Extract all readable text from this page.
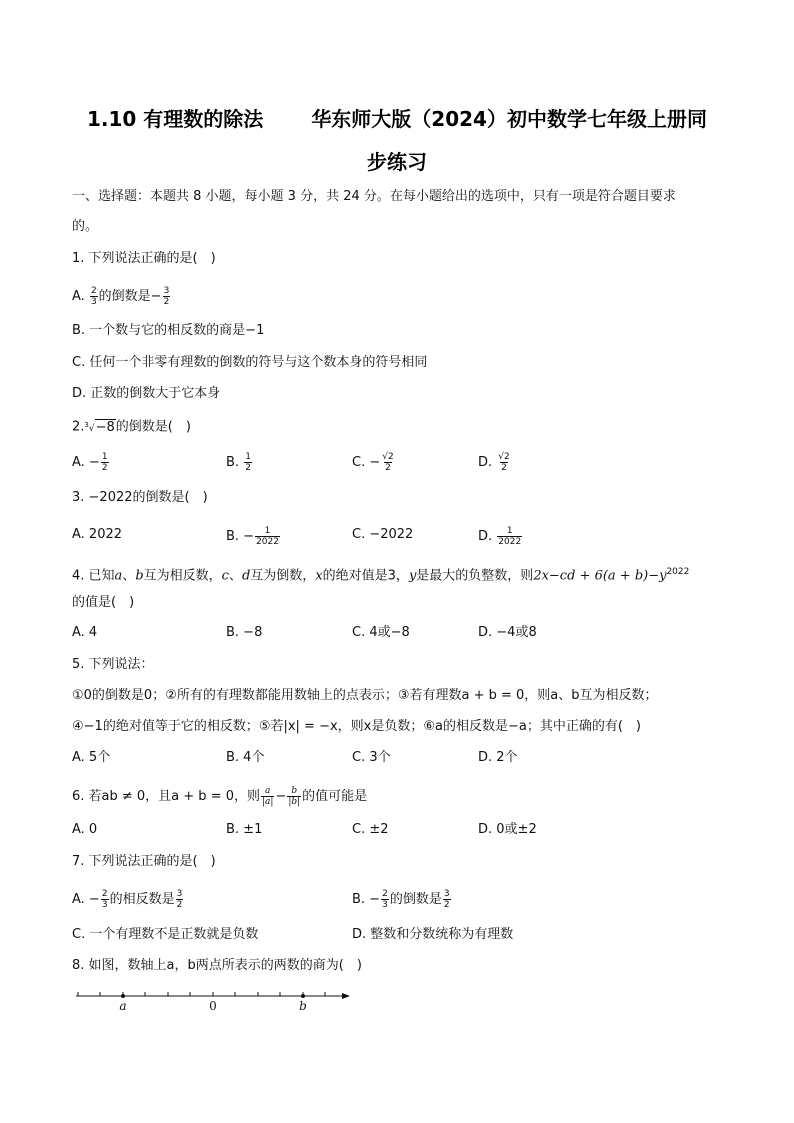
1.10 有理数的除法 华东师大版（2024）初中数学七年级上册同
步练习
一、选择题：本题共 8 小题，每小题 3 分，共 24 分。在每小题给出的选项中，只有一项是符合题目要求
的。
1. 下列说法正确的是(　)
A. $\frac{2}{3}$ 的倒数是− $\frac{3}{2}$
B. 一个数与它的相反数的商是−1
C. 任何一个非零有理数的倒数的符号与这个数本身的符号相同
D. 正数的倒数大于它本身
2.$^3$√−8的倒数是(　)
A. − $\frac{1}{2}$	B. $\frac{1}{2}$	C. − $\frac{√2}{2}$	D. $\frac{√2}{2}$
3. −2022的倒数是(　)
A. 2022	B. − $\frac{1}{2022}$	C. −2022	D. $\frac{1}{2022}$
4. 已知a、b互为相反数，c、d互为倒数，x的绝对值是3，y是最大的负整数，则$2x-cd + 6(a + b)-y^{2022}$
的值是(　)
A. 4	B. −8	C. 4或−8	D. −4或8
5. 下列说法：
①0的倒数是0；②所有的有理数都能用数轴上的点表示；③若有理数a + b = 0，则a、b互为相反数；
④−1的绝对值等于它的相反数；⑤若|x| = −x，则x是负数；⑥a的相反数是−a；其中正确的有(　)
A. 5个	B. 4个	C. 3个	D. 2个
6. 若ab ≠ 0，且a + b = 0，则 $\frac{a}{|a|} - \frac{b}{|b|}$ 的值可能是
A. 0	B. ±1	C. ±2	D. 0或±2
7. 下列说法正确的是(　)
A. − $\frac{2}{3}$ 的相反数是 $\frac{3}{2}$	B. − $\frac{2}{3}$ 的倒数是 $\frac{3}{2}$
C. 一个有理数不是正数就是负数	D. 整数和分数统称为有理数
8. 如图，数轴上a，b两点所表示的两数的商为(　)
a	0	b
